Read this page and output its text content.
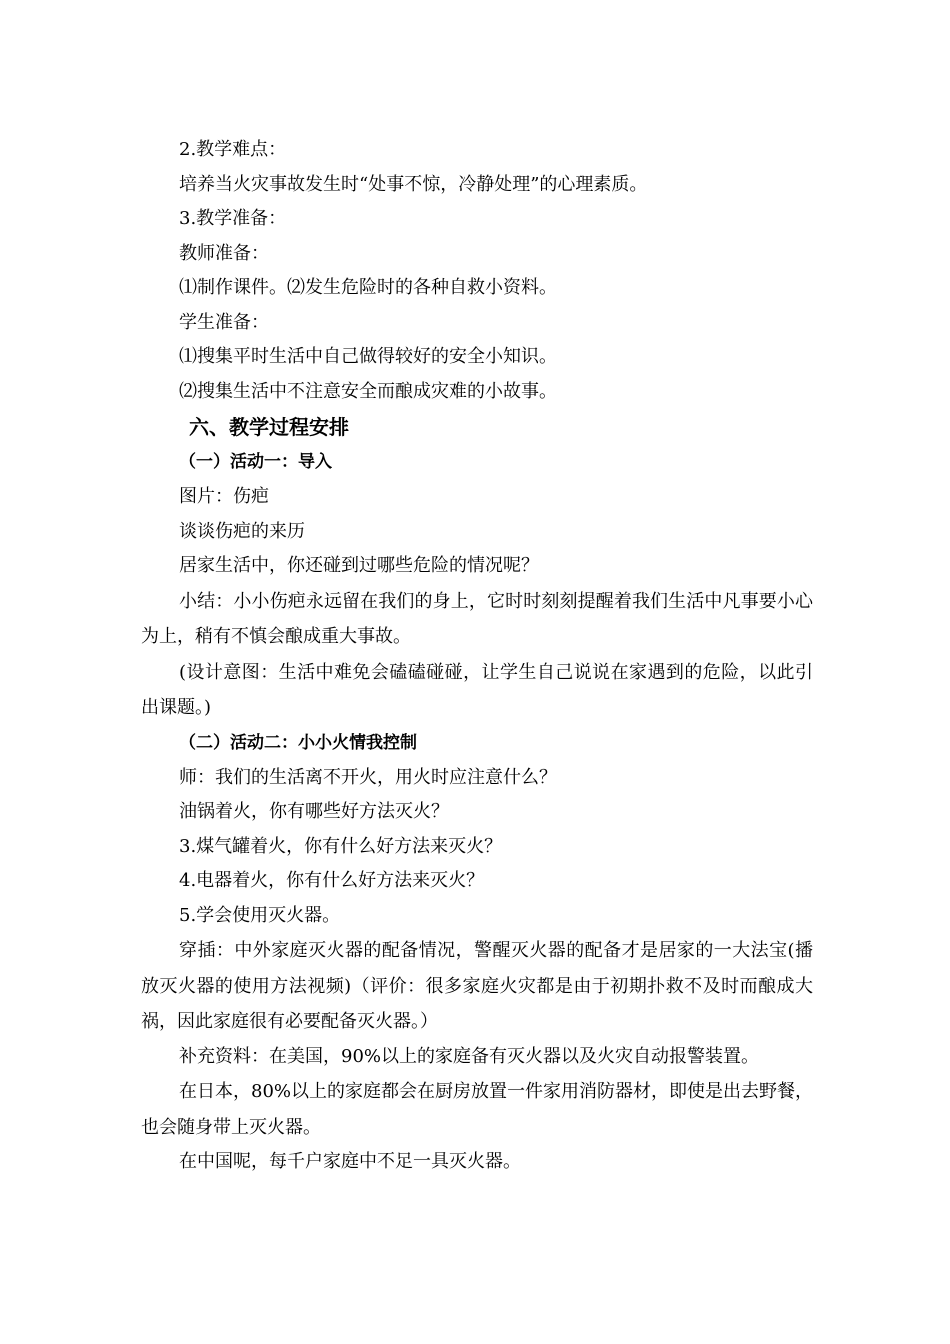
2.教学难点：

培养当火灾事故发生时“处事不惊，冷静处理”的心理素质。

3.教学准备：

教师准备：

⑴制作课件。⑵发生危险时的各种自救小资料。

学生准备：

⑴搜集平时生活中自己做得较好的安全小知识。

⑵搜集生活中不注意安全而酿成灾难的小故事。

六、教学过程安排

（一）活动一：导入

图片：伤疤

谈谈伤疤的来历

居家生活中，你还碰到过哪些危险的情况呢？

小结：小小伤疤永远留在我们的身上，它时时刻刻提醒着我们生活中凡事要小心为上，稍有不慎会酿成重大事故。

(设计意图：生活中难免会磕磕碰碰，让学生自己说说在家遇到的危险，以此引出课题。)

（二）活动二：小小火情我控制

师：我们的生活离不开火，用火时应注意什么？

油锅着火，你有哪些好方法灭火？

3.煤气罐着火，你有什么好方法来灭火？

4.电器着火，你有什么好方法来灭火？

5.学会使用灭火器。

穿插：中外家庭灭火器的配备情况，警醒灭火器的配备才是居家的一大法宝(播放灭火器的使用方法视频)（评价：很多家庭火灾都是由于初期扑救不及时而酿成大祸，因此家庭很有必要配备灭火器。）

补充资料：在美国，90%以上的家庭备有灭火器以及火灾自动报警装置。

在日本，80%以上的家庭都会在厨房放置一件家用消防器材，即使是出去野餐，也会随身带上灭火器。

在中国呢，每千户家庭中不足一具灭火器。
